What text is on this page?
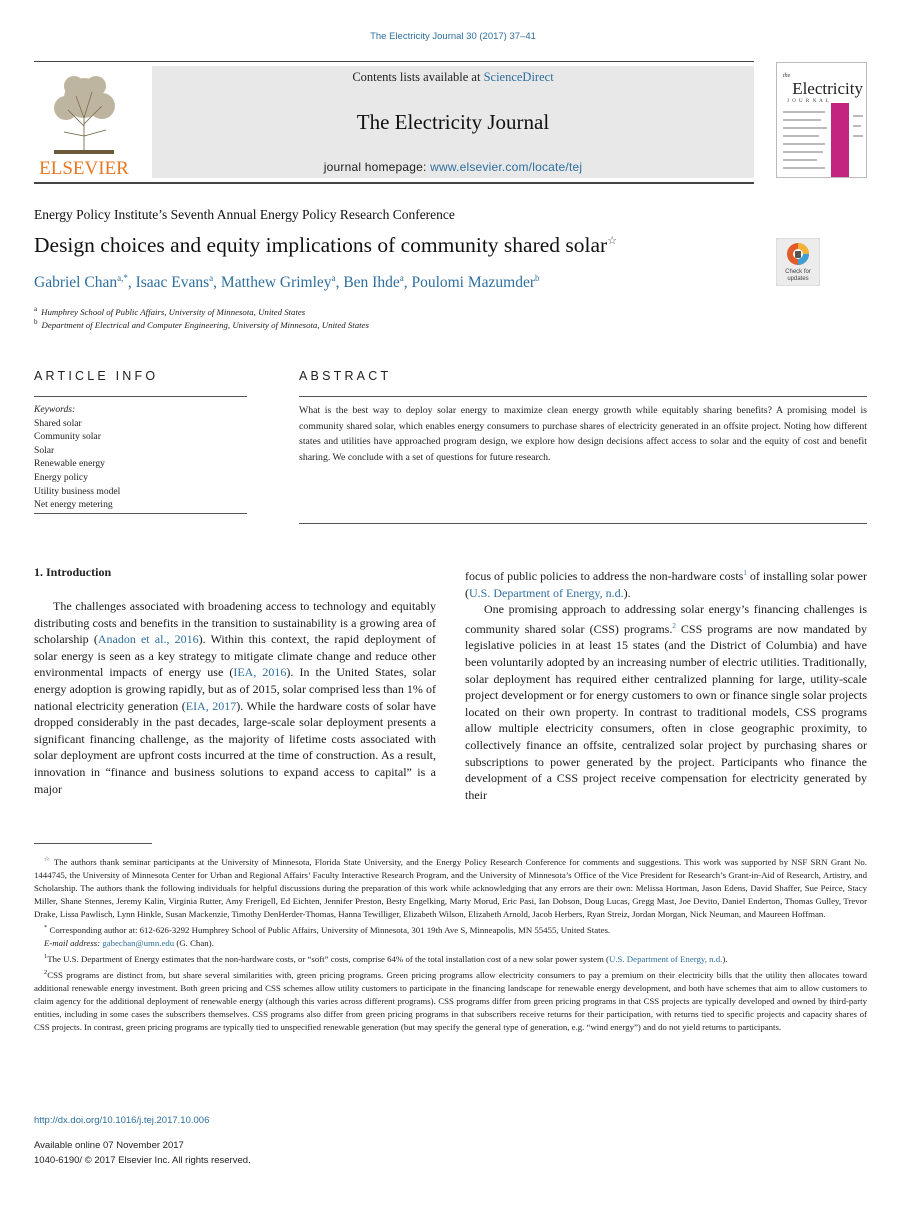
The Electricity Journal 30 (2017) 37–41
ELSEVIER
Contents lists available at ScienceDirect
The Electricity Journal
journal homepage: www.elsevier.com/locate/tej
the
Electricity
J O U R N A L
Energy Policy Institute’s Seventh Annual Energy Policy Research Conference
Design choices and equity implications of community shared solar☆
Check for updates
Gabriel Chan$^{a,*}$, Isaac Evans$^a$, Matthew Grimley$^a$, Ben Ihde$^a$, Poulomi Mazumder$^b$
$^a$ Humphrey School of Public Affairs, University of Minnesota, United States
$^b$ Department of Electrical and Computer Engineering, University of Minnesota, United States
ARTICLE INFO	ABSTRACT
Keywords:
Shared solar
Community solar
Solar
Renewable energy
Energy policy
Utility business model
Net energy metering
What is the best way to deploy solar energy to maximize clean energy growth while equitably sharing benefits? A promising model is community shared solar, which enables energy consumers to purchase shares of electricity generated in an offsite project. Noting how different states and utilities have approached program design, we explore how design decisions affect access to solar and the equity of cost and benefit sharing. We conclude with a set of questions for future research.
1. Introduction

The challenges associated with broadening access to technology and equitably distributing costs and benefits in the transition to sustainability is a growing area of scholarship (Anadon et al., 2016). Within this context, the rapid deployment of solar energy is seen as a key strategy to mitigate climate change and reduce other environmental impacts of energy use (IEA, 2016). In the United States, solar energy adoption is growing rapidly, but as of 2015, solar comprised less than 1% of national electricity generation (EIA, 2017). While the hardware costs of solar have dropped considerably in the past decades, large-scale solar deployment presents a significant financing challenge, as the majority of lifetime costs associated with solar deployment are upfront costs incurred at the time of construction. As a result, innovation in “finance and business solutions to expand access to capital” is a major

focus of public policies to address the non-hardware costs$^1$ of installing solar power (U.S. Department of Energy, n.d.).

One promising approach to addressing solar energy’s financing challenges is community shared solar (CSS) programs.$^2$ CSS programs are now mandated by legislative policies in at least 15 states (and the District of Columbia) and have been voluntarily adopted by an increasing number of electric utilities. Traditionally, solar deployment has required either centralized planning for large, utility-scale project development or for energy customers to own or finance single solar projects located on their own property. In contrast to traditional models, CSS programs allow multiple electricity consumers, often in close geographic proximity, to collectively finance an offsite, centralized solar project by purchasing shares or subscriptions to power generated by the project. Participants who finance the development of a CSS project receive compensation for electricity generated by their

☆ The authors thank seminar participants at the University of Minnesota, Florida State University, and the Energy Policy Research Conference for comments and suggestions. This work was supported by NSF SRN Grant No. 1444745, the University of Minnesota Center for Urban and Regional Affairs’ Faculty Interactive Research Program, and the University of Minnesota’s Office of the Vice President for Research’s Grant-in-Aid of Research, Artistry, and Scholarship. The authors thank the following individuals for helpful discussions during the preparation of this work while acknowledging that any errors are their own: Melissa Hortman, Jason Edens, David Shaffer, Sue Peirce, Stacy Miller, Shane Stennes, Jeremy Kalin, Virginia Rutter, Amy Frerigell, Ed Eichten, Jennifer Preston, Besty Engelking, Marty Morud, Eric Pasi, Ian Dobson, Doug Lucas, Gregg Mast, Joe Devito, Daniel Enderton, Thomas Gulley, Trevor Drake, Lissa Pawlisch, Lynn Hinkle, Susan Mackenzie, Timothy DenHerder-Thomas, Hanna Tewilliger, Elizabeth Wilson, Elizabeth Arnold, Jacob Herbers, Ryan Streiz, Jordan Morgan, Nick Neuman, and Maureen Hoffman.

* Corresponding author at: 612-626-3292 Humphrey School of Public Affairs, University of Minnesota, 301 19th Ave S, Minneapolis, MN 55455, United States.

E-mail address: gabechan@umn.edu (G. Chan).

$^1$The U.S. Department of Energy estimates that the non-hardware costs, or “soft” costs, comprise 64% of the total installation cost of a new solar power system (U.S. Department of Energy, n.d.).

$^2$CSS programs are distinct from, but share several similarities with, green pricing programs. Green pricing programs allow electricity consumers to pay a premium on their electricity bills that the utility then allocates toward additional renewable energy investment. Both green pricing and CSS schemes allow utility customers to participate in the financing landscape for renewable energy development, and both have schemes that aim to allow customers to claim agency for the additional deployment of renewable energy (although this varies across different programs). CSS programs differ from green pricing programs in that CSS projects are typically developed and owned by third-party entities, including in some cases the subscribers themselves. CSS programs also differ from green pricing programs in that subscribers receive returns for their participation, with returns tied to specific projects and capacity shares of CSS projects. In contrast, green pricing programs are typically tied to unspecified renewable generation (but may specify the general type of generation, e.g. “wind energy”) and do not yield returns to participants.

http://dx.doi.org/10.1016/j.tej.2017.10.006
Available online 07 November 2017
1040-6190/ © 2017 Elsevier Inc. All rights reserved.
